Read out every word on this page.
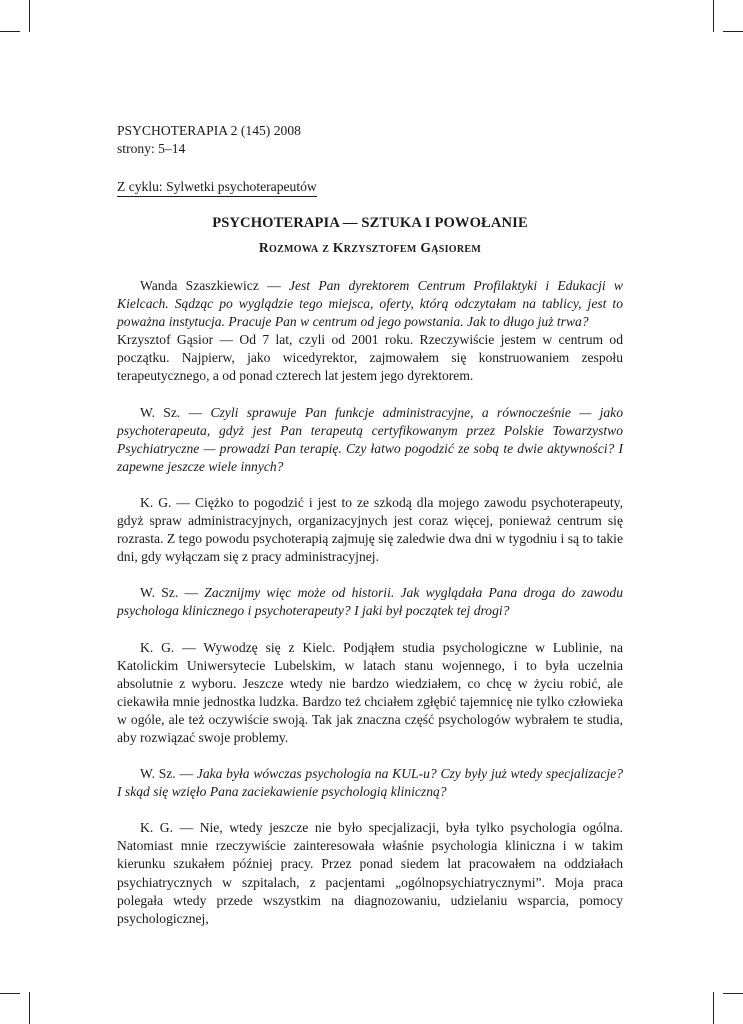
PSYCHOTERAPIA 2 (145) 2008
strony: 5–14
Z cyklu: Sylwetki psychoterapeutów
PSYCHOTERAPIA — SZTUKA I POWOŁANIE
Rozmowa z Krzysztofem Gąsiorem

Wanda Szaszkiewicz — Jest Pan dyrektorem Centrum Profilaktyki i Edukacji w Kielcach. Sądząc po wyglądzie tego miejsca, oferty, którą odczytałam na tablicy, jest to poważna instytucja. Pracuje Pan w centrum od jego powstania. Jak to długo już trwa?

Krzysztof Gąsior — Od 7 lat, czyli od 2001 roku. Rzeczywiście jestem w centrum od początku. Najpierw, jako wicedyrektor, zajmowałem się konstruowaniem zespołu terapeutycznego, a od ponad czterech lat jestem jego dyrektorem.

W. Sz. — Czyli sprawuje Pan funkcje administracyjne, a równocześnie — jako psychoterapeuta, gdyż jest Pan terapeutą certyfikowanym przez Polskie Towarzystwo Psychiatryczne — prowadzi Pan terapię. Czy łatwo pogodzić ze sobą te dwie aktywności? I zapewne jeszcze wiele innych?

K. G. — Ciężko to pogodzić i jest to ze szkodą dla mojego zawodu psychoterapeuty, gdyż spraw administracyjnych, organizacyjnych jest coraz więcej, ponieważ centrum się rozrasta. Z tego powodu psychoterapią zajmuję się zaledwie dwa dni w tygodniu i są to takie dni, gdy wyłączam się z pracy administracyjnej.

W. Sz. — Zacznijmy więc może od historii. Jak wyglądała Pana droga do zawodu psychologa klinicznego i psychoterapeuty? I jaki był początek tej drogi?

K. G. — Wywodzę się z Kielc. Podjąłem studia psychologiczne w Lublinie, na Katolickim Uniwersytecie Lubelskim, w latach stanu wojennego, i to była uczelnia absolutnie z wyboru. Jeszcze wtedy nie bardzo wiedziałem, co chcę w życiu robić, ale ciekawiła mnie jednostka ludzka. Bardzo też chciałem zgłębić tajemnicę nie tylko człowieka w ogóle, ale też oczywiście swoją. Tak jak znaczna część psychologów wybrałem te studia, aby rozwiązać swoje problemy.

W. Sz. — Jaka była wówczas psychologia na KUL-u? Czy były już wtedy specjalizacje? I skąd się wzięło Pana zaciekawienie psychologią kliniczną?

K. G. — Nie, wtedy jeszcze nie było specjalizacji, była tylko psychologia ogólna. Natomiast mnie rzeczywiście zainteresowała właśnie psychologia kliniczna i w takim kierunku szukałem później pracy. Przez ponad siedem lat pracowałem na oddziałach psychiatrycznych w szpitalach, z pacjentami „ogólnopsychiatrycznymi”. Moja praca polegała wtedy przede wszystkim na diagnozowaniu, udzielaniu wsparcia, pomocy psychologicznej,
